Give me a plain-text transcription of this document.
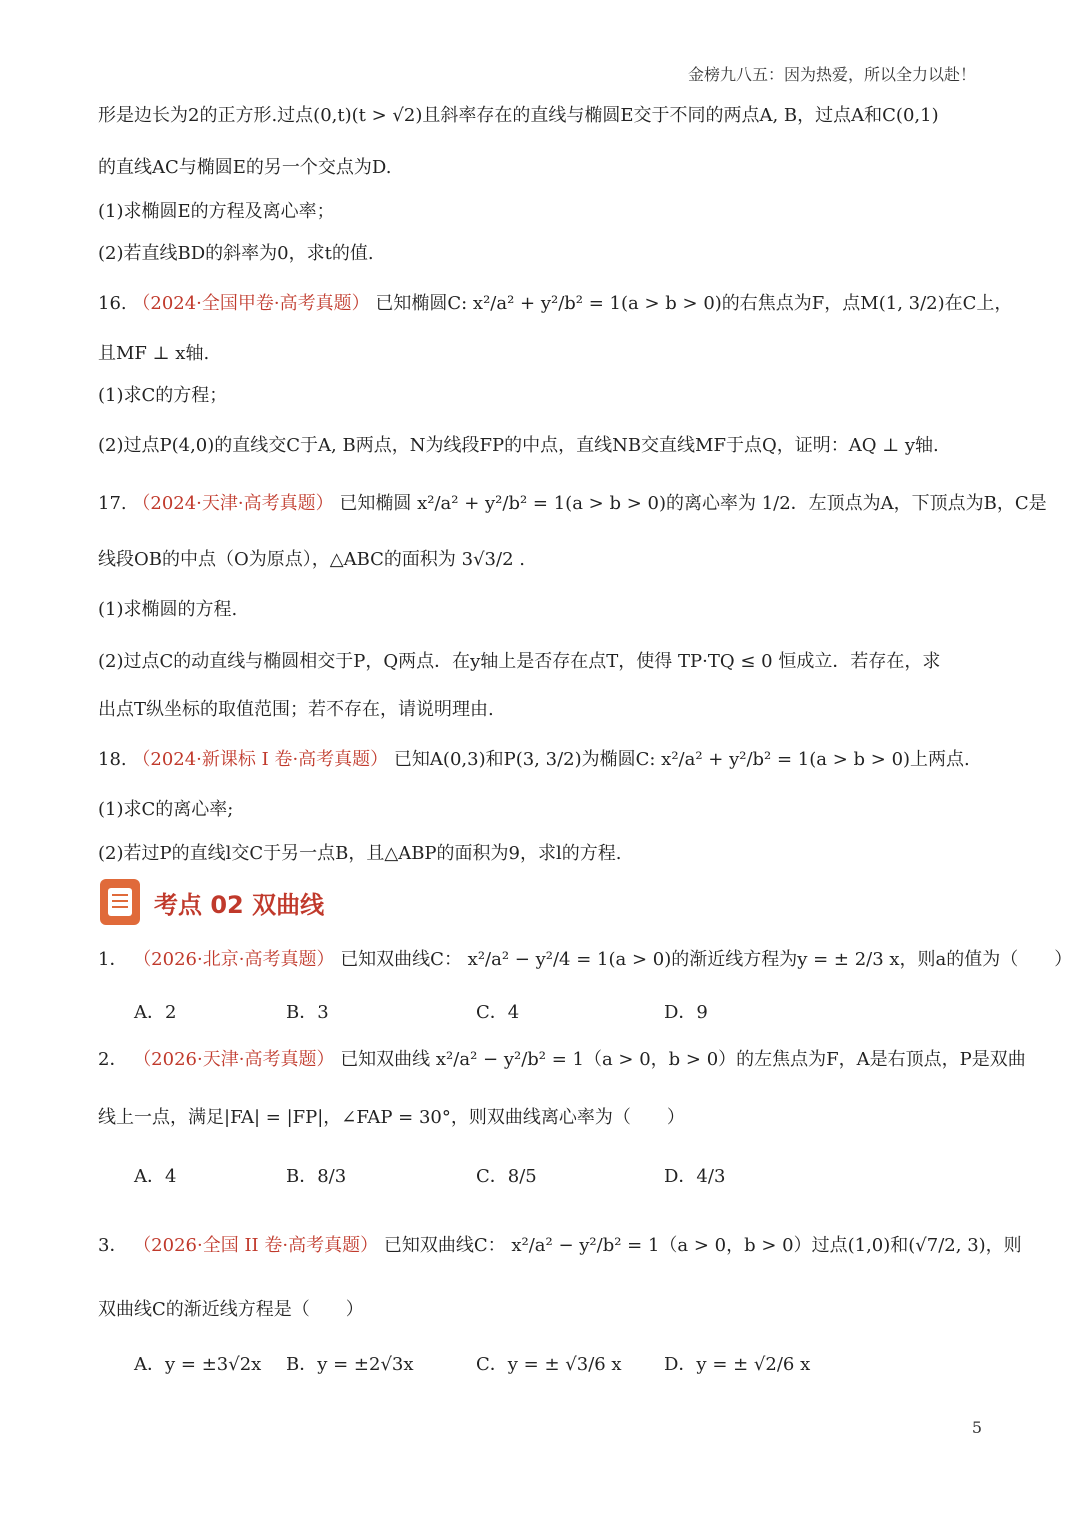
金榜九八五：因为热爱，所以全力以赴！
形是边长为2的正方形.过点(0,t)(t > √2)且斜率存在的直线与椭圆E交于不同的两点A, B，过点A和C(0,1)
的直线AC与椭圆E的另一个交点为D.
(1)求椭圆E的方程及离心率；
(2)若直线BD的斜率为0，求t的值.
16. （2024·全国甲卷·高考真题） 已知椭圆C: x²/a² + y²/b² = 1(a > b > 0)的右焦点为F，点M(1, 3/2)在C上，
且MF ⊥ x轴.
(1)求C的方程；
(2)过点P(4,0)的直线交C于A, B两点，N为线段FP的中点，直线NB交直线MF于点Q，证明：AQ ⊥ y轴.
17. （2024·天津·高考真题） 已知椭圆 x²/a² + y²/b² = 1(a > b > 0)的离心率为 1/2．左顶点为A，下顶点为B，C是
线段OB的中点（O为原点），△ABC的面积为 3√3/2 .
(1)求椭圆的方程.
(2)过点C的动直线与椭圆相交于P，Q两点．在y轴上是否存在点T，使得 TP·TQ ≤ 0 恒成立．若存在，求
出点T纵坐标的取值范围；若不存在，请说明理由.
18. （2024·新课标 I 卷·高考真题） 已知A(0,3)和P(3, 3/2)为椭圆C: x²/a² + y²/b² = 1(a > b > 0)上两点.
(1)求C的离心率;
(2)若过P的直线l交C于另一点B，且△ABP的面积为9，求l的方程.
考点 02 双曲线
1． （2026·北京·高考真题） 已知双曲线C： x²/a² − y²/4 = 1(a > 0)的渐近线方程为y = ± 2/3 x，则a的值为（　　）
A．2	B．3	C．4	D．9
2． （2026·天津·高考真题） 已知双曲线 x²/a² − y²/b² = 1（a > 0，b > 0）的左焦点为F，A是右顶点，P是双曲
线上一点，满足|FA| = |FP|，∠FAP = 30°，则双曲线离心率为（　　）
A．4	B．8/3	C．8/5	D．4/3
3． （2026·全国 II 卷·高考真题） 已知双曲线C： x²/a² − y²/b² = 1（a > 0，b > 0）过点(1,0)和(√7/2, 3)，则
双曲线C的渐近线方程是（　　）
A．y = ±3√2x B．y = ±2√3x	C．y = ± √3/6 x D．y = ± √2/6 x
5
